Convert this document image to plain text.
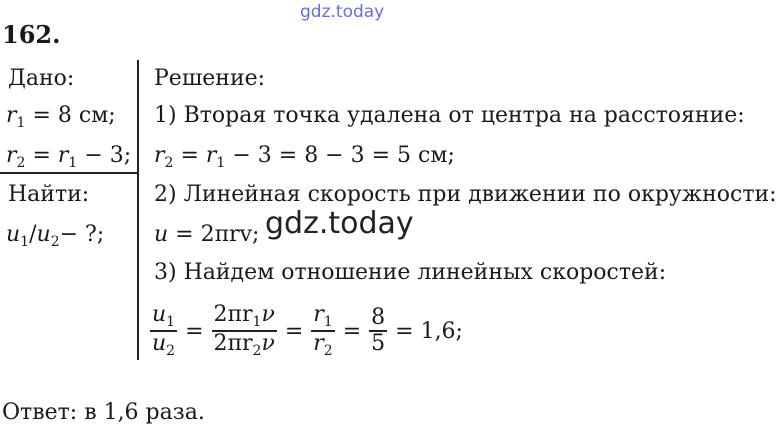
gdz.today
162.
Дано:
$r_1 = 8$ см;
$r_2 = r_1 - 3$;
Найти:
$u_1/u_2-$ ?;
Решение:
1) Вторая точка удалена от центра на расстояние:
$r_2 = r_1 - 3 = 8 - 3 = 5$ см;
2) Линейная скорость при движении по окружности:
u = 2πrv; gdz.today
3) Найдем отношение линейных скоростей:
$\frac{u_1}{u_2} = \frac{2\pi r_1\nu}{2\pi r_2\nu} = \frac{r_1}{r_2} = \frac{8}{5} = 1,6$;
Ответ: в 1,6 раза.
